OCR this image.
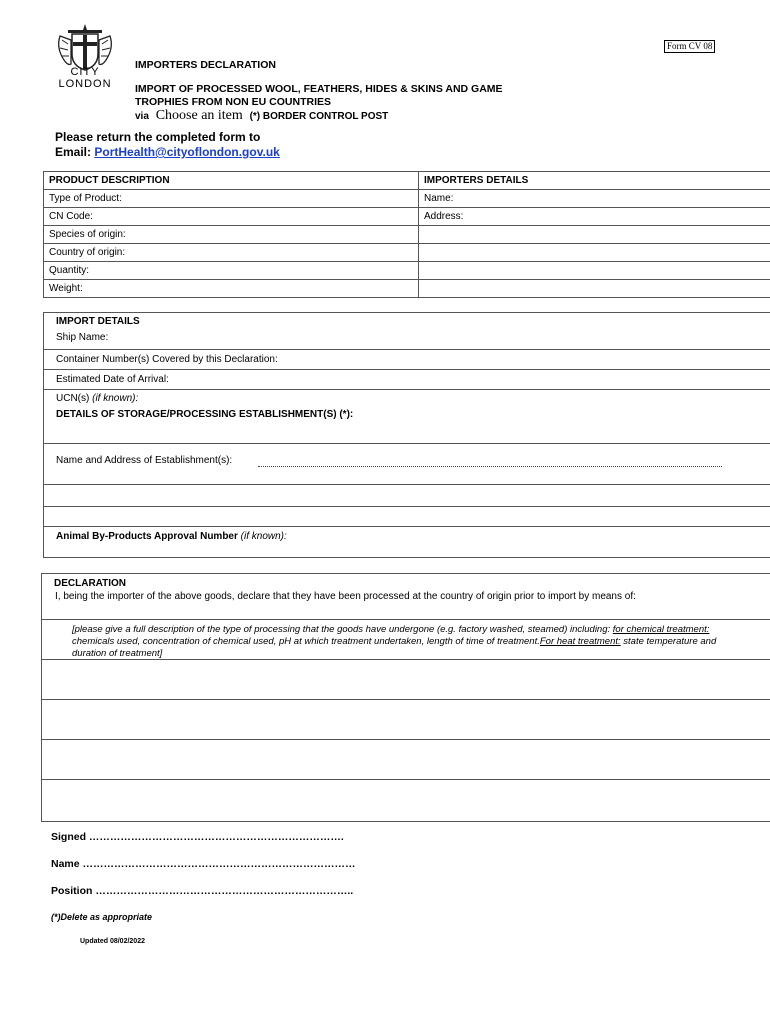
CITY
LONDON
Form CV 08
IMPORTERS DECLARATION
IMPORT OF PROCESSED WOOL, FEATHERS, HIDES & SKINS AND GAME TROPHIES FROM NON EU COUNTRIES
via Choose an item (*) BORDER CONTROL POST
Please return the completed form to
Email: PortHealth@cityoflondon.gov.uk
PRODUCT DESCRIPTION	IMPORTERS DETAILS
Type of Product:	Name:
CN Code:	Address:
Species of origin:	
Country of origin:	
Quantity:	
Weight:	
IMPORT DETAILS
Ship Name:
Container Number(s) Covered by this Declaration:
Estimated Date of Arrival:
UCN(s) (if known):
DETAILS OF STORAGE/PROCESSING ESTABLISHMENT(S) (*):
Name and Address of Establishment(s):
Animal By-Products Approval Number (if known):
DECLARATION
I, being the importer of the above goods, declare that they have been processed at the country of origin prior to import by means of:
[please give a full description of the type of processing that the goods have undergone (e.g. factory washed, steamed) including: for chemical treatment: chemicals used, concentration of chemical used, pH at which treatment undertaken, length of time of treatment.For heat treatment: state temperature and duration of treatment]
Signed ……………………………………………………………….
Name ……………………………………………………………………
Position ………………………………………………………………..
(*)Delete as appropriate
Updated 08/02/2022
